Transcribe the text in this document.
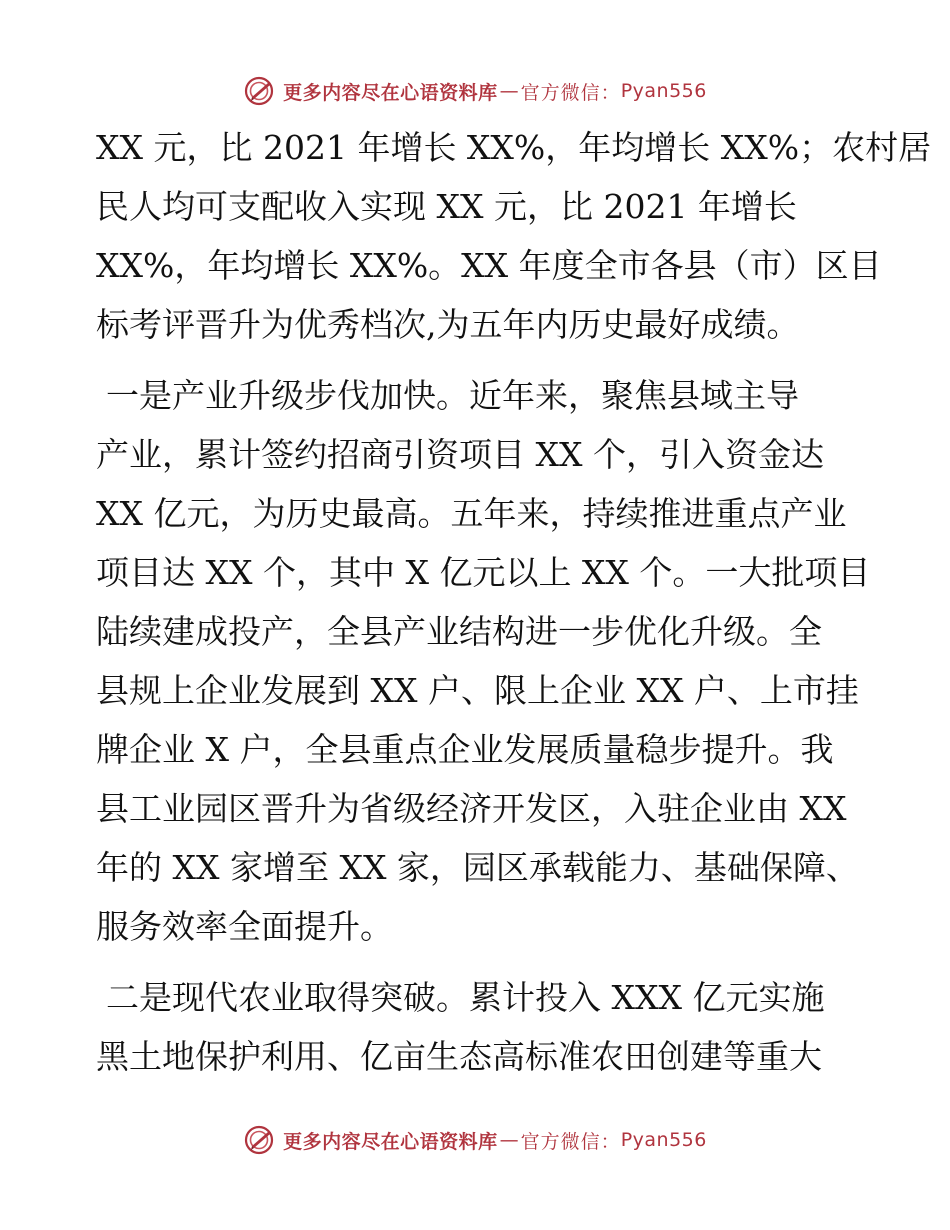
更多内容尽在心语资料库 — 官方微信： Pyan556
XX 元，比 2021 年增长 XX%，年均增长 XX%；农村居
民人均可支配收入实现 XX 元，比 2021 年增长
XX%，年均增长 XX%。XX 年度全市各县（市）区目
标考评晋升为优秀档次,为五年内历史最好成绩。
一是产业升级步伐加快。近年来，聚焦县域主导
产业，累计签约招商引资项目 XX 个，引入资金达
XX 亿元，为历史最高。五年来，持续推进重点产业
项目达 XX 个，其中 X 亿元以上 XX 个。一大批项目
陆续建成投产，全县产业结构进一步优化升级。全
县规上企业发展到 XX 户、限上企业 XX 户、上市挂
牌企业 X 户，全县重点企业发展质量稳步提升。我
县工业园区晋升为省级经济开发区，入驻企业由 XX
年的 XX 家增至 XX 家，园区承载能力、基础保障、
服务效率全面提升。
二是现代农业取得突破。累计投入 XXX 亿元实施
黑土地保护利用、亿亩生态高标准农田创建等重大
更多内容尽在心语资料库 — 官方微信： Pyan556
